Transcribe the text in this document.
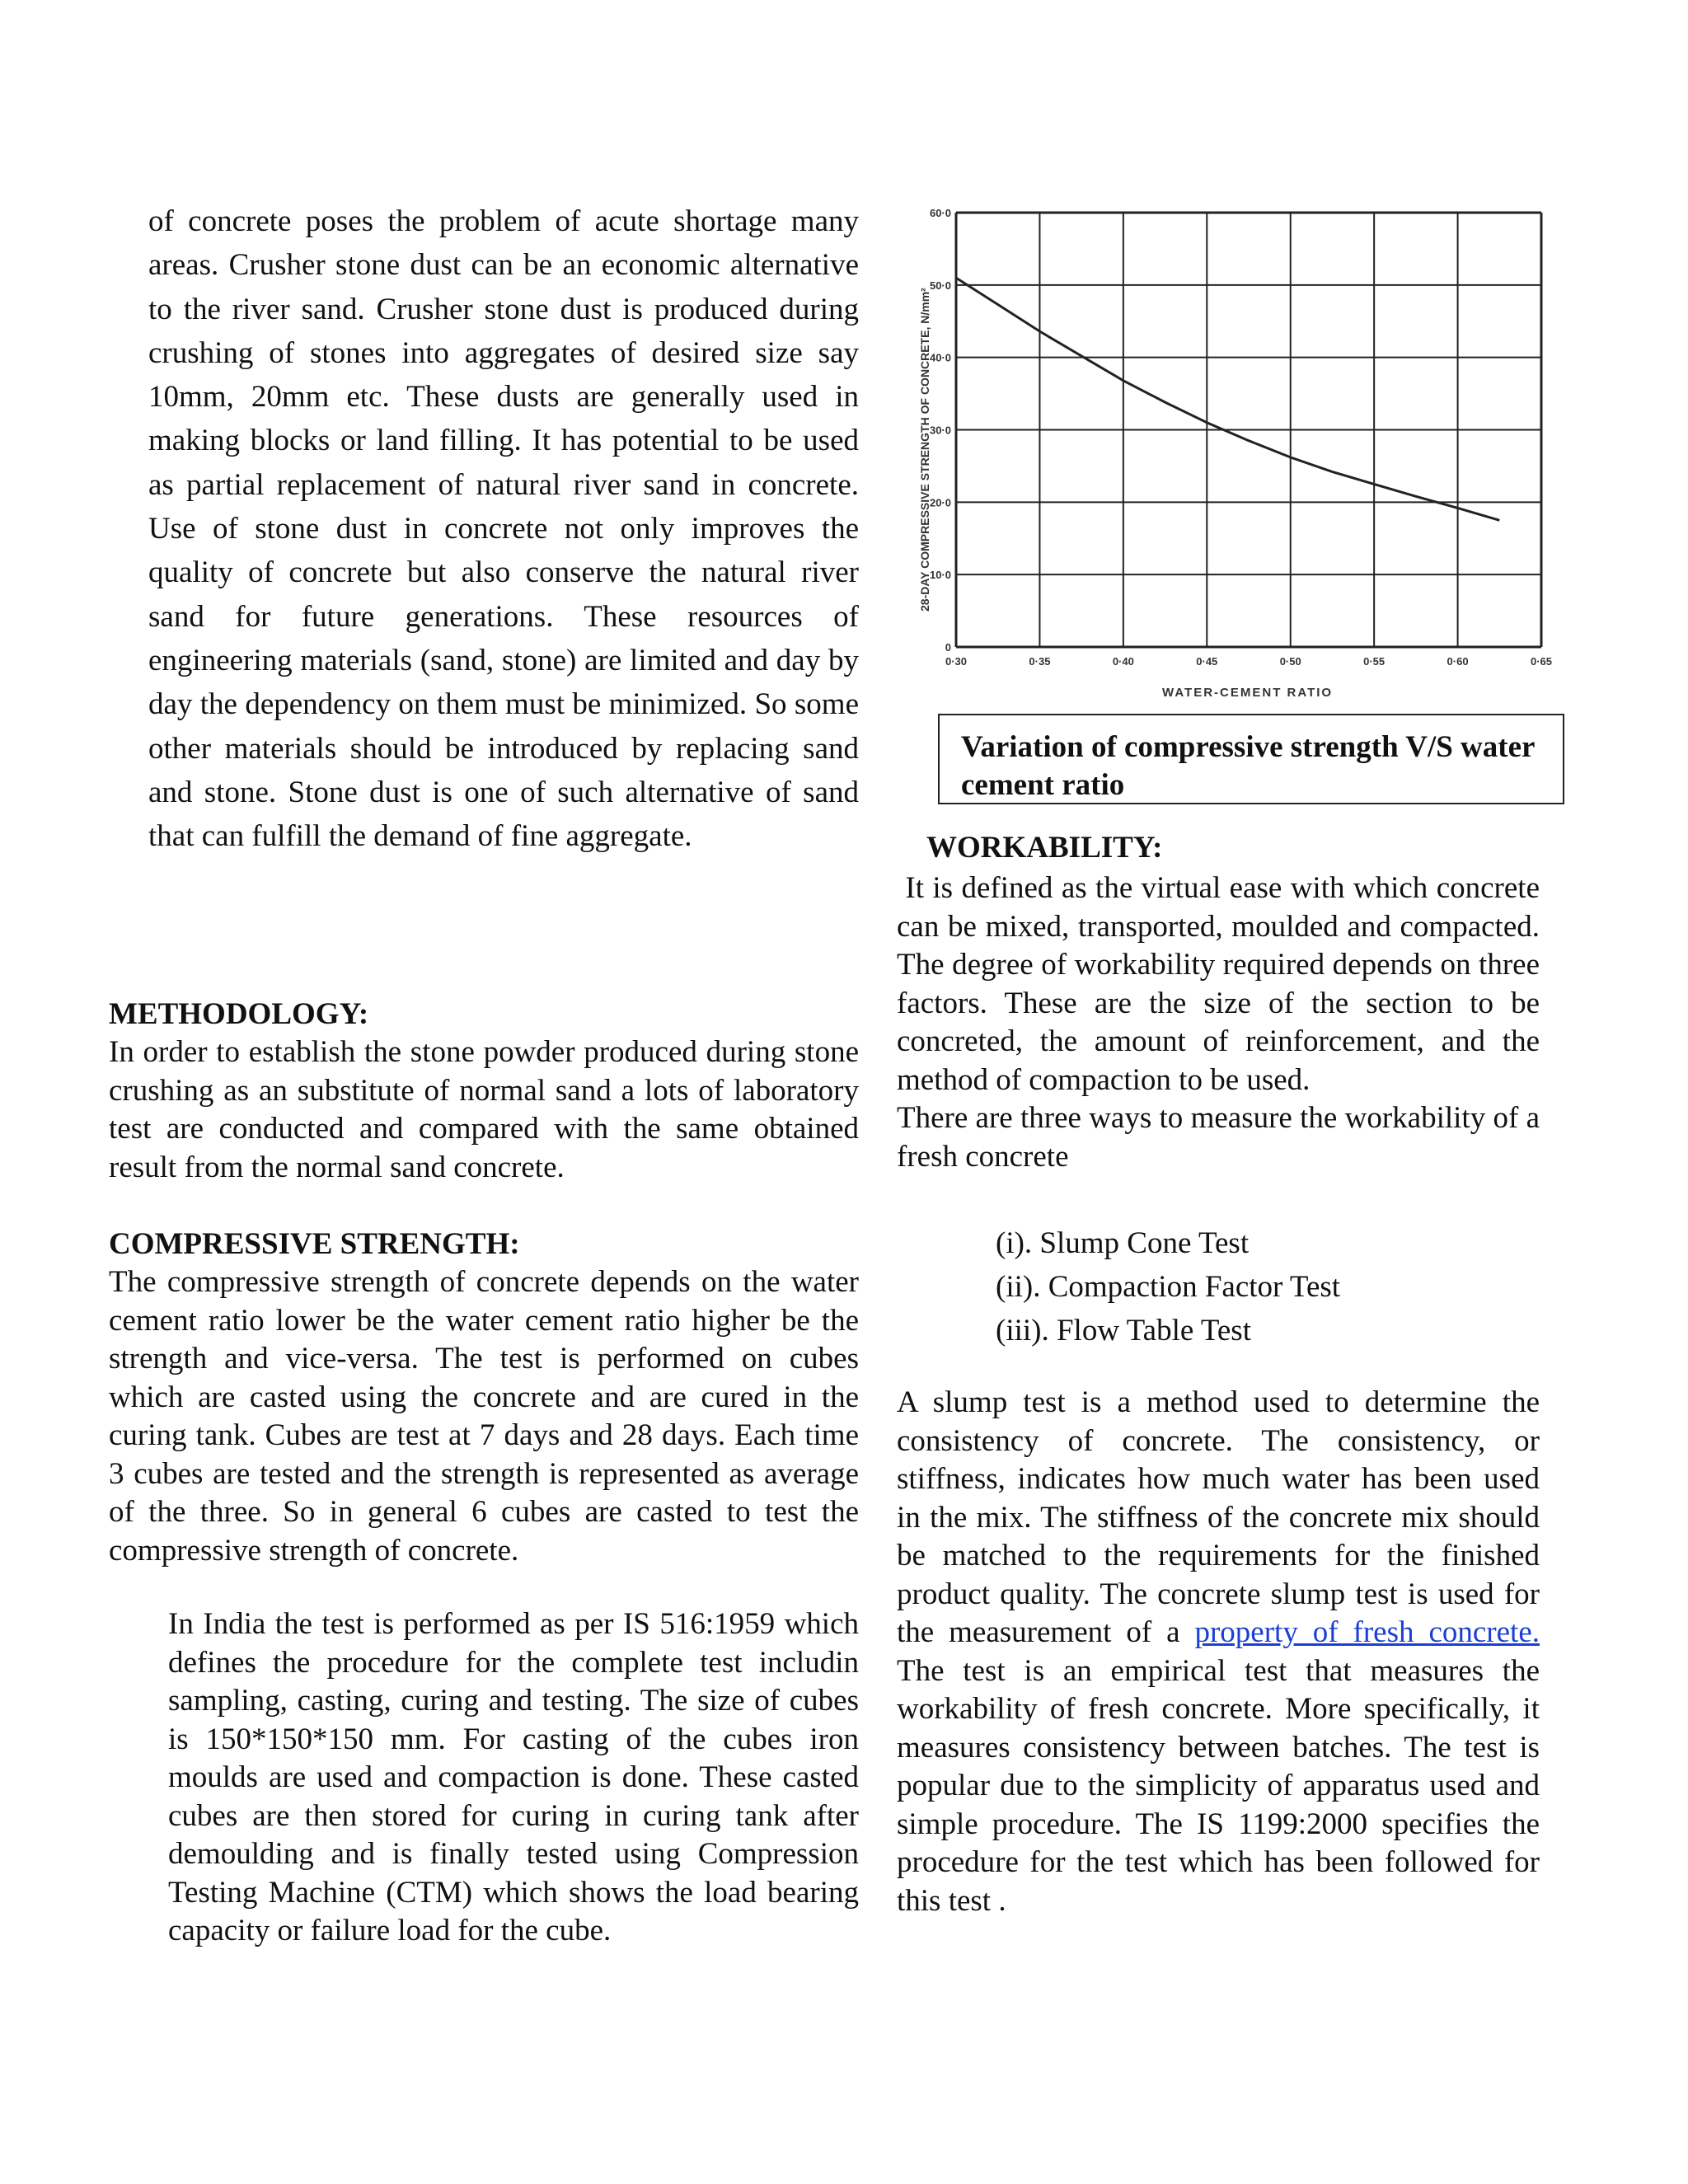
of concrete poses the problem of acute shortage many areas. Crusher stone dust can be an economic alternative to the river sand. Crusher stone dust is produced during crushing of stones into aggregates of desired size say 10mm, 20mm etc. These dusts are generally used in making blocks or land filling. It has potential to be used as partial replacement of natural river sand in concrete. Use of stone dust in concrete not only improves the quality of concrete but also conserve the natural river sand for future generations. These resources of engineering materials (sand, stone) are limited and day by day the dependency on them must be minimized. So some other materials should be introduced by replacing sand and stone. Stone dust is one of such alternative of sand that can fulfill the demand of fine aggregate.

METHODOLOGY:

In order to establish the stone powder produced during stone crushing as an substitute of normal sand a lots of laboratory test are conducted and compared with the same obtained result from the normal sand concrete.

COMPRESSIVE STRENGTH:

The compressive strength of concrete depends on the water cement ratio lower be the water cement ratio higher be the strength and vice-versa. The test is performed on cubes which are casted using the concrete and are cured in the curing tank. Cubes are test at 7 days and 28 days. Each time 3 cubes are tested and the strength is represented as average of the three. So in general 6 cubes are casted to test the compressive strength of concrete.

In India the test is performed as per IS 516:1959 which defines the procedure for the complete test includin sampling, casting, curing and testing. The size of cubes is 150*150*150 mm. For casting of the cubes iron moulds are used and compaction is done. These casted cubes are then stored for curing in curing tank after demoulding and is finally tested using Compression Testing Machine (CTM) which shows the load bearing capacity or failure load for the cube.

0·30	0·35	0·40	0·45	0·50	0·55	0·60	0·65
0
10·0
20·0
30·0
40·0
50·0
60·0
WATER-CEMENT RATIO
28-DAY COMPRESSIVE STRENGTH OF CONCRETE, N/mm²
Variation of compressive strength V/S water cement ratio

WORKABILITY:

It is defined as the virtual ease with which concrete can be mixed, transported, moulded and compacted. The degree of workability required depends on three factors. These are the size of the section to be concreted, the amount of reinforcement, and the method of compaction to be used.

There are three ways to measure the workability of a fresh concrete

(i). Slump Cone Test

(ii). Compaction Factor Test

(iii). Flow Table Test

A slump test is a method used to determine the consistency of concrete. The consistency, or stiffness, indicates how much water has been used in the mix. The stiffness of the concrete mix should be matched to the requirements for the finished product quality. The concrete slump test is used for the measurement of a property of fresh concrete. The test is an empirical test that measures the workability of fresh concrete. More specifically, it measures consistency between batches. The test is popular due to the simplicity of apparatus used and simple procedure. The IS 1199:2000 specifies the procedure for the test which has been followed for this test .
